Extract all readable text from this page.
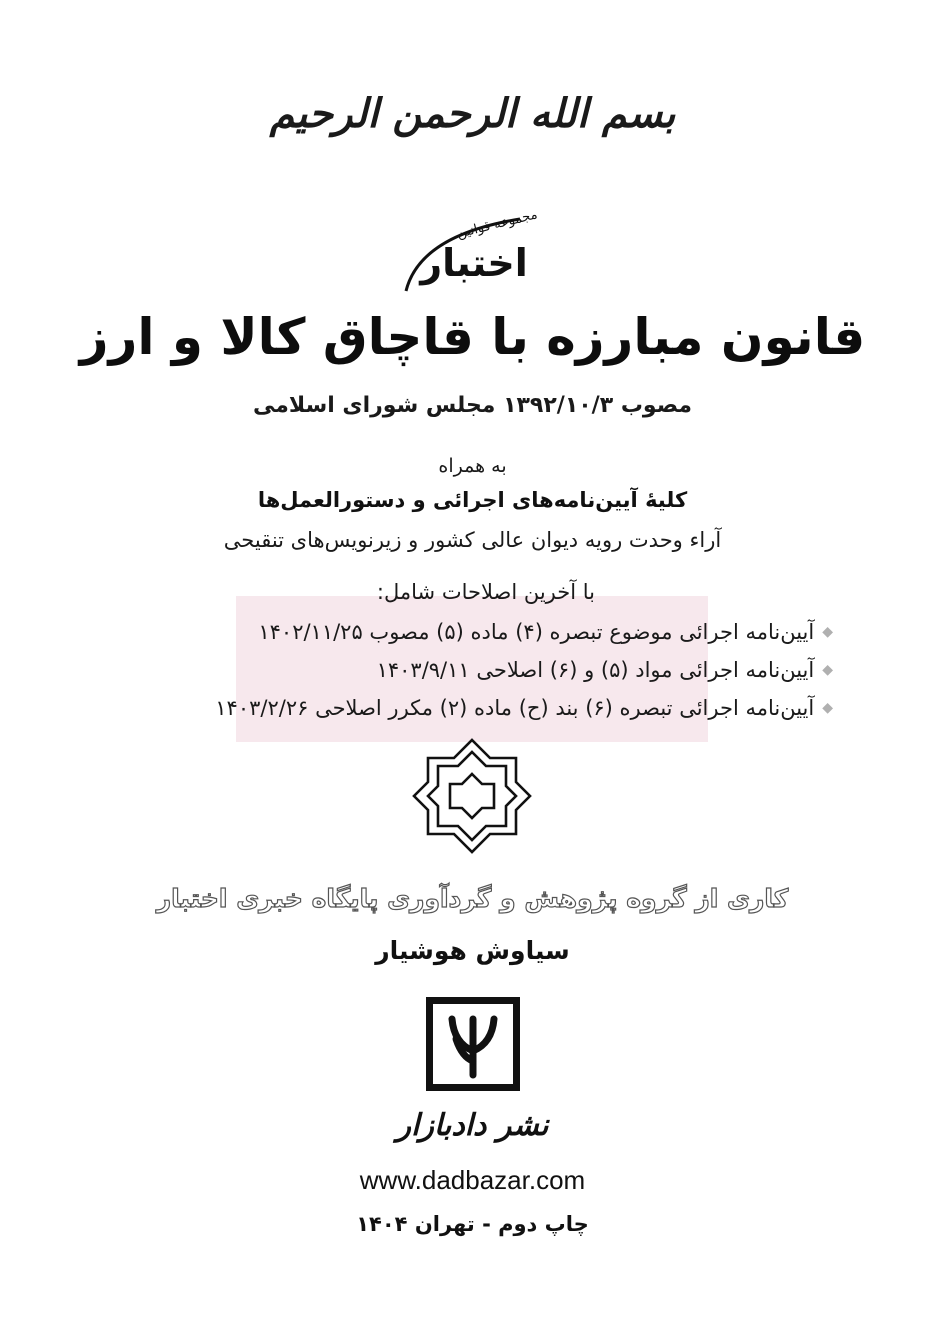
بسم الله الرحمن الرحیم
مجموعه قوانین
اختبار
قانون مبارزه با قاچاق کالا و ارز
مصوب ۱۳۹۲/۱۰/۳ مجلس شورای اسلامی
به همراه
کلیهٔ آیین‌نامه‌های اجرائی و دستورالعمل‌ها
آراء وحدت رویه دیوان عالی کشور و زیرنویس‌های تنقیحی
با آخرین اصلاحات شامل:
◆
آیین‌نامه اجرائی موضوع تبصره (۴) ماده (۵) مصوب ۱۴۰۲/۱۱/۲۵
◆
آیین‌نامه اجرائی مواد (۵) و (۶) اصلاحی ۱۴۰۳/۹/۱۱
◆
آیین‌نامه اجرائی تبصره (۶) بند (ح) ماده (۲) مکرر اصلاحی ۱۴۰۳/۲/۲۶
کاری از گروه پژوهش و گردآوری پایگاه خبری اختبار
سیاوش هوشیار
نشر دادبازار
www.dadbazar.com
چاپ دوم - تهران ۱۴۰۴
